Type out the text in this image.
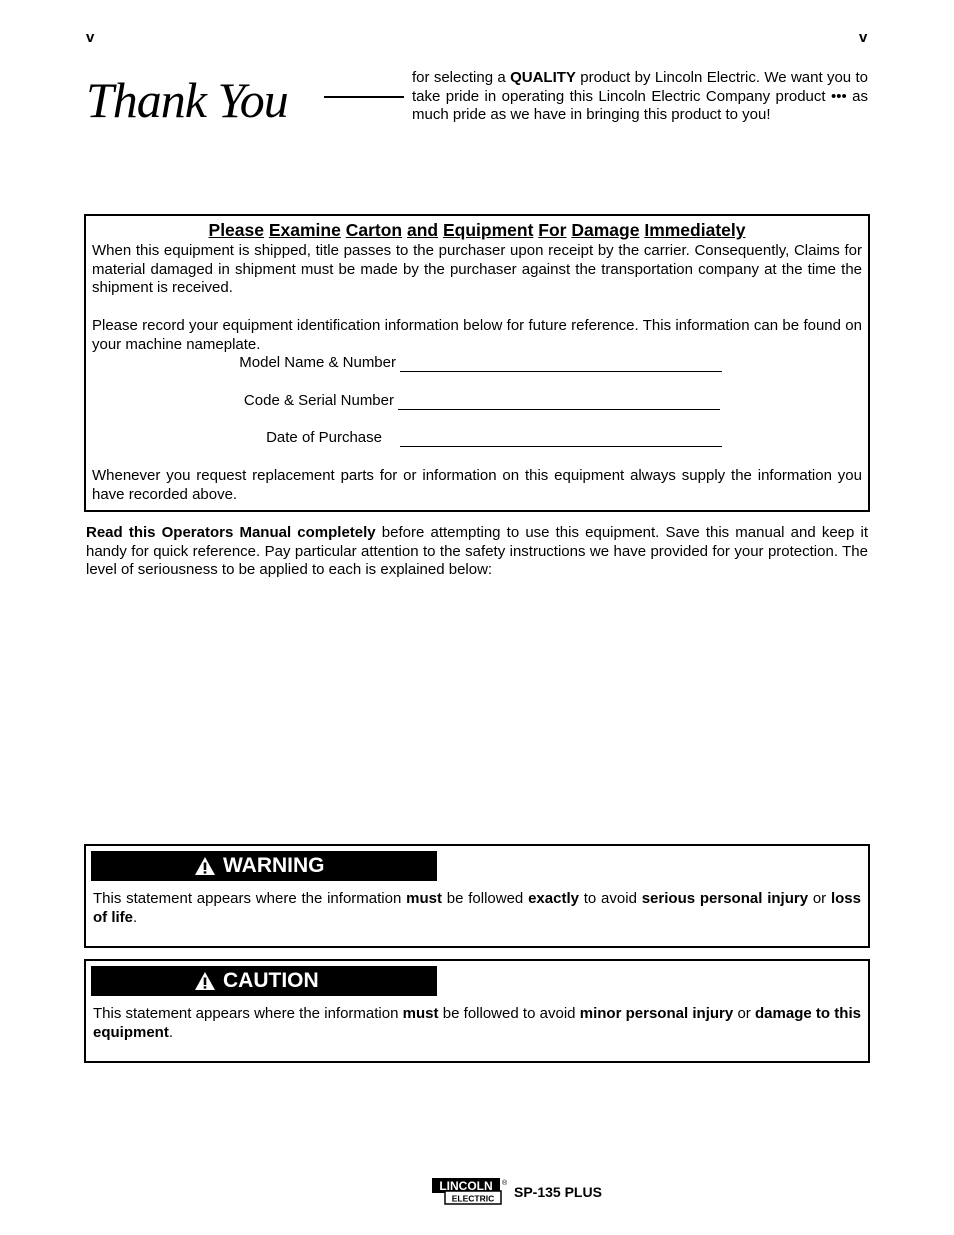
v	v
Thank You	for selecting a QUALITY product by Lincoln Electric. We want you to take pride in operating this Lincoln Electric Company product ••• as much pride as we have in bringing this product to you!
Please Examine Carton and Equipment For Damage Immediately
When this equipment is shipped, title passes to the purchaser upon receipt by the carrier. Consequently, Claims for material damaged in shipment must be made by the purchaser against the transportation company at the time the shipment is received.
Please record your equipment identification information below for future reference. This information can be found on your machine nameplate.
Model Name & Number
Code & Serial Number
Date of Purchase
Whenever you request replacement parts for or information on this equipment always supply the information you have recorded above.
Read this Operators Manual completely before attempting to use this equipment. Save this manual and keep it handy for quick reference. Pay particular attention to the safety instructions we have provided for your protection. The level of seriousness to be applied to each is explained below:
WARNING
This statement appears where the information must be followed exactly to avoid serious personal injury or loss of life.
CAUTION
This statement appears where the information must be followed to avoid minor personal injury or damage to this equipment.
LINCOLN
ELECTRIC
®
SP-135 PLUS
